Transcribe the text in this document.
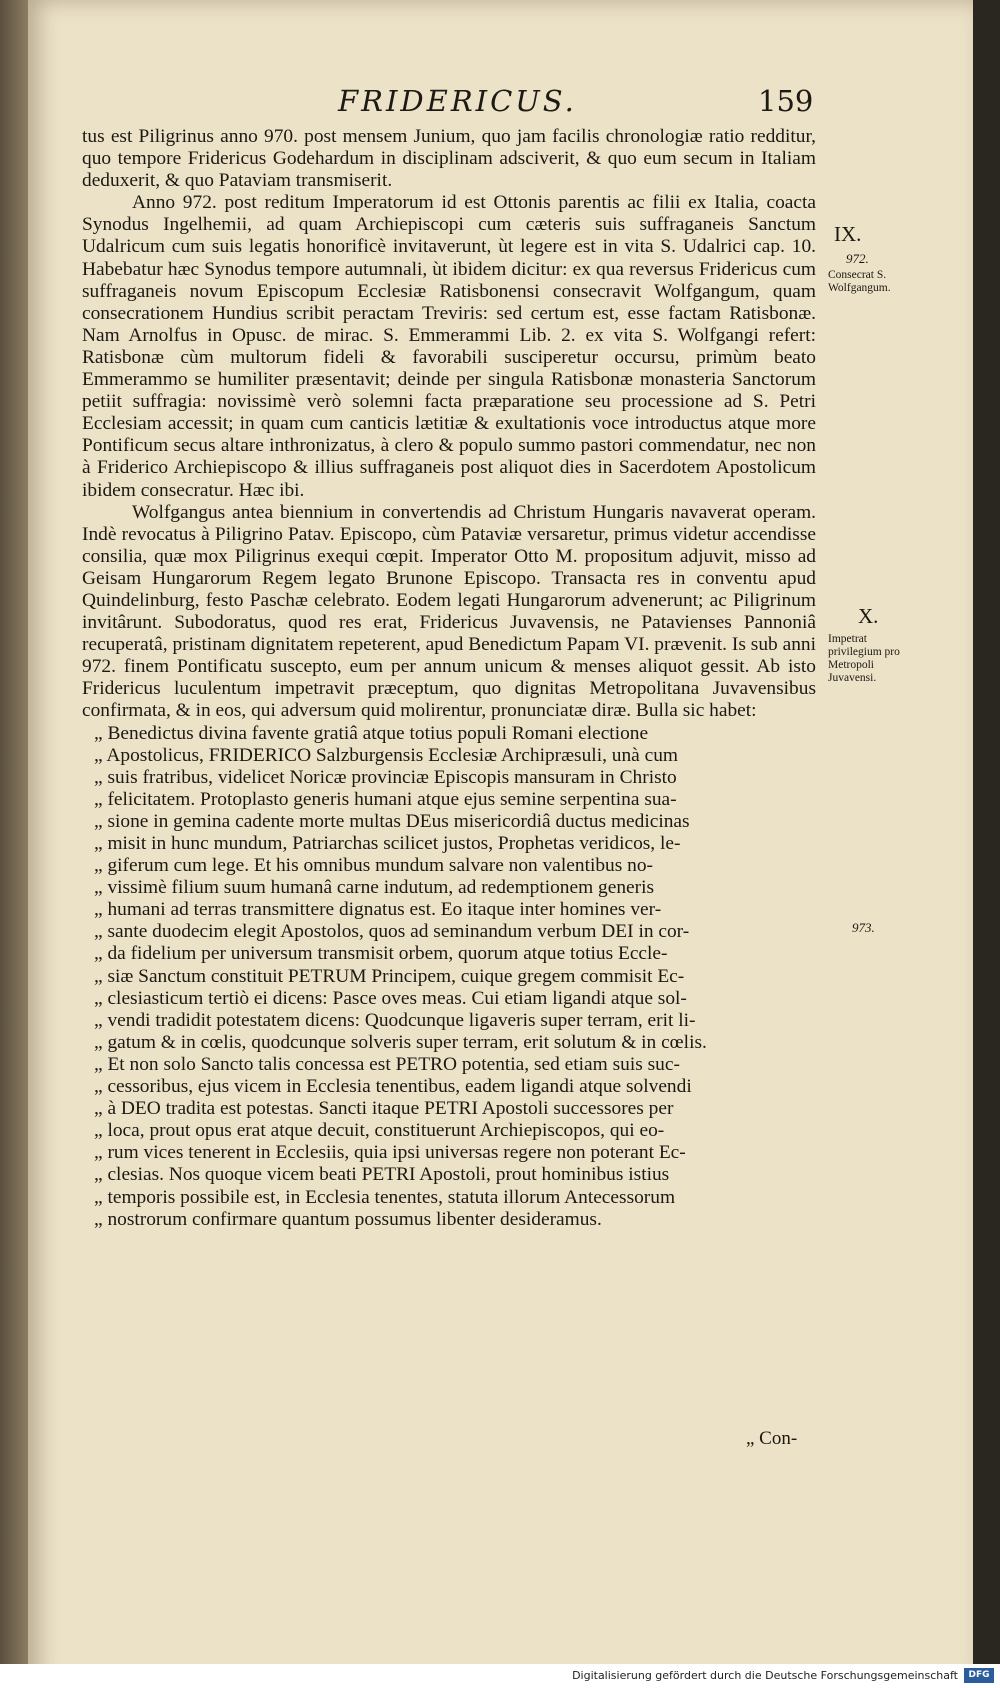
FRIDERICUS.	159

tus est Piligrinus anno 970. post mensem Junium, quo jam facilis chronologiæ ratio redditur, quo tempore Fridericus Godehardum in disciplinam adsciverit, & quo eum secum in Italiam deduxerit, & quo Pataviam transmiserit.

Anno 972. post reditum Imperatorum id est Ottonis parentis ac filii ex Italia, coacta Synodus Ingelhemii, ad quam Archiepiscopi cum cæteris suis suffraganeis Sanctum Udalricum cum suis legatis honorificè invitaverunt, ùt legere est in vita S. Udalrici cap. 10. Habebatur hæc Synodus tempore autumnali, ùt ibidem dicitur: ex qua reversus Fridericus cum suffraganeis novum Episcopum Ecclesiæ Ratisbonensi consecravit Wolfgangum, quam consecrationem Hundius scribit peractam Treviris: sed certum est, esse factam Ratisbonæ. Nam Arnolfus in Opusc. de mirac. S. Emmerammi Lib. 2. ex vita S. Wolfgangi refert: Ratisbonæ cùm multorum fideli & favorabili susciperetur occursu, primùm beato Emmerammo se humiliter præsentavit; deinde per singula Ratisbonæ monasteria Sanctorum petiit suffragia: novissimè verò solemni facta præparatione seu processione ad S. Petri Ecclesiam accessit; in quam cum canticis lætitiæ & exultationis voce introductus atque more Pontificum secus altare inthronizatus, à clero & populo summo pastori commendatur, nec non à Friderico Archiepiscopo & illius suffraganeis post aliquot dies in Sacerdotem Apostolicum ibidem consecratur. Hæc ibi.

Wolfgangus antea biennium in convertendis ad Christum Hungaris navaverat operam. Indè revocatus à Piligrino Patav. Episcopo, cùm Pataviæ versaretur, primus videtur accendisse consilia, quæ mox Piligrinus exequi cœpit. Imperator Otto M. propositum adjuvit, misso ad Geisam Hungarorum Regem legato Brunone Episcopo. Transacta res in conventu apud Quindelinburg, festo Paschæ celebrato. Eodem legati Hungarorum advenerunt; ac Piligrinum invitârunt. Subodoratus, quod res erat, Fridericus Juvavensis, ne Patavienses Pannoniâ recuperatâ, pristinam dignitatem repeterent, apud Benedictum Papam VI. prævenit. Is sub anni 972. finem Pontificatu suscepto, eum per annum unicum & menses aliquot gessit. Ab isto Fridericus luculentum impetravit præceptum, quo dignitas Metropolitana Juvavensibus confirmata, & in eos, qui adversum quid molirentur, pronunciatæ diræ. Bulla sic habet:

„ Benedictus divina favente gratiâ atque totius populi Romani electione
„ Apostolicus, FRIDERICO Salzburgensis Ecclesiæ Archipræsuli, unà cum
„ suis fratribus, videlicet Noricæ provinciæ Episcopis mansuram in Christo
„ felicitatem. Protoplasto generis humani atque ejus semine serpentina sua-
„ sione in gemina cadente morte multas DEus misericordiâ ductus medicinas
„ misit in hunc mundum, Patriarchas scilicet justos, Prophetas veridicos, le-
„ giferum cum lege. Et his omnibus mundum salvare non valentibus no-
„ vissimè filium suum humanâ carne indutum, ad redemptionem generis
„ humani ad terras transmittere dignatus est. Eo itaque inter homines ver-
„ sante duodecim elegit Apostolos, quos ad seminandum verbum DEI in cor-
„ da fidelium per universum transmisit orbem, quorum atque totius Eccle-
„ siæ Sanctum constituit PETRUM Principem, cuique gregem commisit Ec-
„ clesiasticum tertiò ei dicens: Pasce oves meas. Cui etiam ligandi atque sol-
„ vendi tradidit potestatem dicens: Quodcunque ligaveris super terram, erit li-
„ gatum & in cœlis, quodcunque solveris super terram, erit solutum & in cœlis.
„ Et non solo Sancto talis concessa est PETRO potentia, sed etiam suis suc-
„ cessoribus, ejus vicem in Ecclesia tenentibus, eadem ligandi atque solvendi
„ à DEO tradita est potestas. Sancti itaque PETRI Apostoli successores per
„ loca, prout opus erat atque decuit, constituerunt Archiepiscopos, qui eo-
„ rum vices tenerent in Ecclesiis, quia ipsi universas regere non poterant Ec-
„ clesias. Nos quoque vicem beati PETRI Apostoli, prout hominibus istius
„ temporis possibile est, in Ecclesia tenentes, statuta illorum Antecessorum
„ nostrorum confirmare quantum possumus libenter desideramus.
IX.
972.
Consecrat S. Wolfgangum.
X.
Impetrat privilegium pro Metropoli Juvavensi.
973.
„ Con-
Digitalisierung gefördert durch die Deutsche Forschungsgemeinschaft	DFG
